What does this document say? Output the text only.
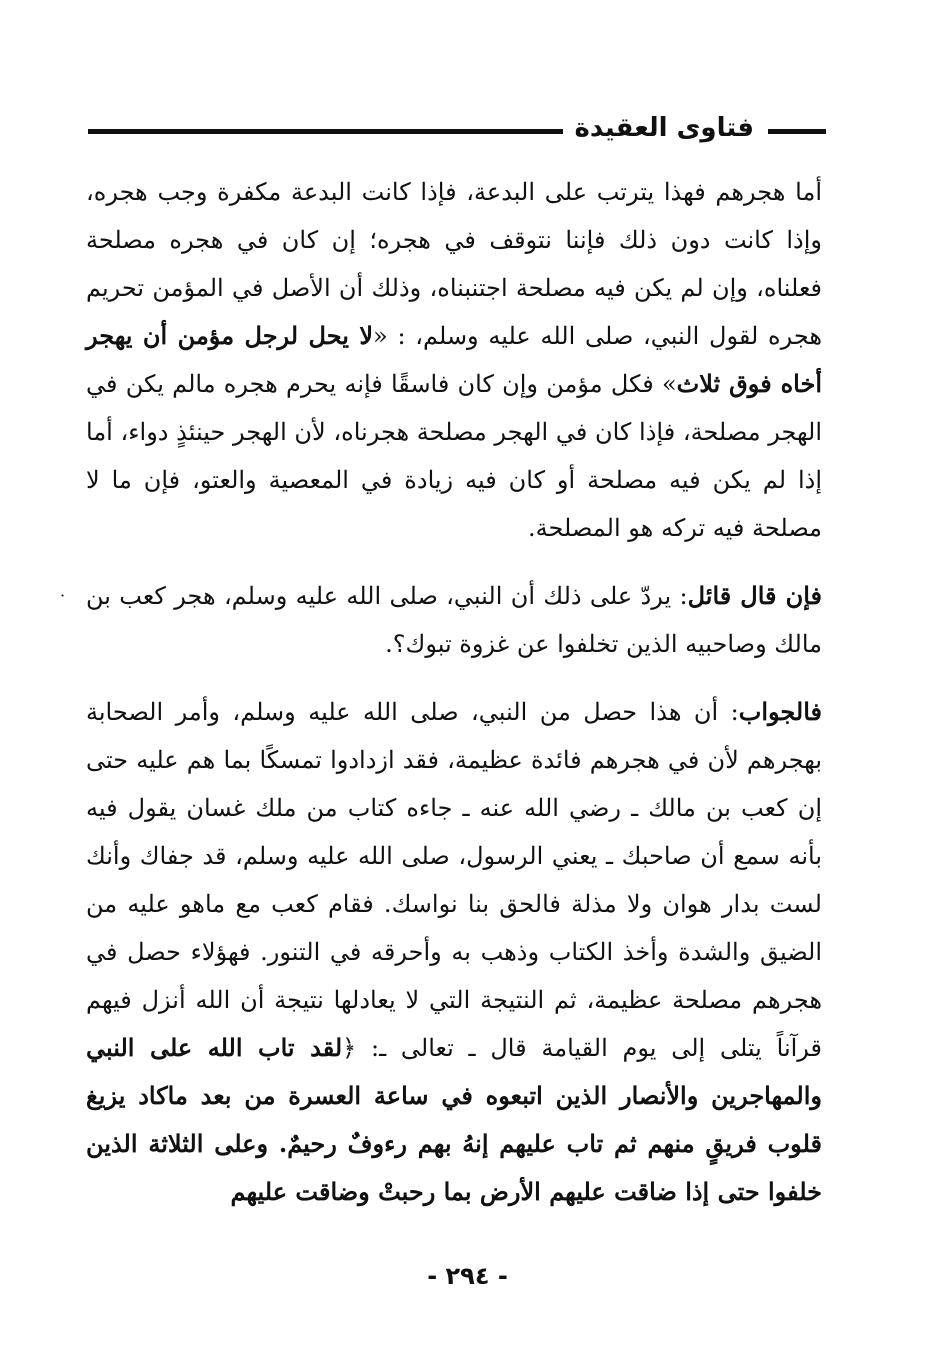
فتاوى العقيدة

أما هجرهم فهذا يترتب على البدعة، فإذا كانت البدعة مكفرة وجب هجره، وإذا كانت دون ذلك فإننا نتوقف في هجره؛ إن كان في هجره مصلحة فعلناه، وإن لم يكن فيه مصلحة اجتنبناه، وذلك أن الأصل في المؤمن تحريم هجره لقول النبي، صلى الله عليه وسلم، : «لا يحل لرجل مؤمن أن يهجر أخاه فوق ثلاث» فكل مؤمن وإن كان فاسقًا فإنه يحرم هجره مالم يكن في الهجر مصلحة، فإذا كان في الهجر مصلحة هجرناه، لأن الهجر حينئذٍ دواء، أما إذا لم يكن فيه مصلحة أو كان فيه زيادة في المعصية والعتو، فإن ما لا مصلحة فيه تركه هو المصلحة.

فإن قال قائل: يردّ على ذلك أن النبي، صلى الله عليه وسلم، هجر كعب بن مالك وصاحبيه الذين تخلفوا عن غزوة تبوك؟.

فالجواب: أن هذا حصل من النبي، صلى الله عليه وسلم، وأمر الصحابة بهجرهم لأن في هجرهم فائدة عظيمة، فقد ازدادوا تمسكًا بما هم عليه حتى إن كعب بن مالك ـ رضي الله عنه ـ جاءه كتاب من ملك غسان يقول فيه بأنه سمع أن صاحبك ـ يعني الرسول، صلى الله عليه وسلم، قد جفاك وأنك لست بدار هوان ولا مذلة فالحق بنا نواسك. فقام كعب مع ماهو عليه من الضيق والشدة وأخذ الكتاب وذهب به وأحرقه في التنور. فهؤلاء حصل في هجرهم مصلحة عظيمة، ثم النتيجة التي لا يعادلها نتيجة أن الله أنزل فيهم قرآناً يتلى إلى يوم القيامة قال ـ تعالى ـ: ﴿لقد تاب الله على النبي والمهاجرين والأنصار الذين اتبعوه في ساعة العسرة من بعد ماكاد يزيغ قلوب فريقٍ منهم ثم تاب عليهم إنهُ بهم رءوفٌ رحيمٌ. وعلى الثلاثة الذين خلفوا حتى إذا ضاقت عليهم الأرض بما رحبتْ وضاقت عليهم

·
- ٢٩٤ -
